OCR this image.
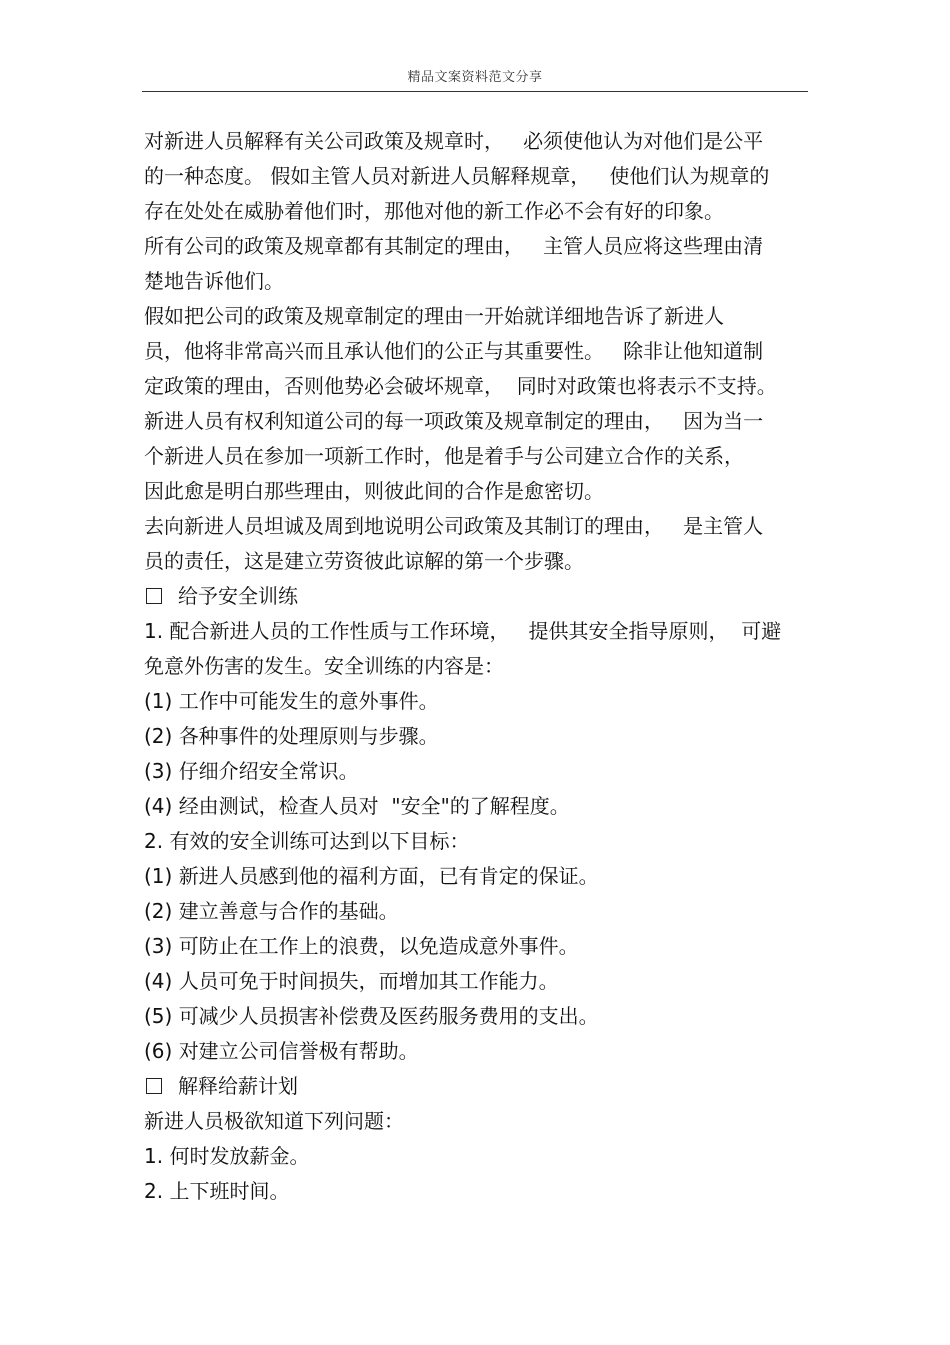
精品文案资料范文分享
对新进人员解释有关公司政策及规章时，   必须使他认为对他们是公平
的一种态度。 假如主管人员对新进人员解释规章，   使他们认为规章的
存在处处在威胁着他们时，那他对他的新工作必不会有好的印象。
所有公司的政策及规章都有其制定的理由，   主管人员应将这些理由清
楚地告诉他们。
假如把公司的政策及规章制定的理由一开始就详细地告诉了新进人
员，他将非常高兴而且承认他们的公正与其重要性。   除非让他知道制
定政策的理由，否则他势必会破坏规章，  同时对政策也将表示不支持。
新进人员有权利知道公司的每一项政策及规章制定的理由，   因为当一
个新进人员在参加一项新工作时，他是着手与公司建立合作的关系，
因此愈是明白那些理由，则彼此间的合作是愈密切。
去向新进人员坦诚及周到地说明公司政策及其制订的理由，   是主管人
员的责任，这是建立劳资彼此谅解的第一个步骤。
给予安全训练
1. 配合新进人员的工作性质与工作环境，   提供其安全指导原则，  可避
免意外伤害的发生。安全训练的内容是：
(1) 工作中可能发生的意外事件。
(2) 各种事件的处理原则与步骤。
(3) 仔细介绍安全常识。
(4) 经由测试，检查人员对  "安全"的了解程度。
2. 有效的安全训练可达到以下目标：
(1) 新进人员感到他的福利方面，已有肯定的保证。
(2) 建立善意与合作的基础。
(3) 可防止在工作上的浪费，以免造成意外事件。
(4) 人员可免于时间损失，而增加其工作能力。
(5) 可减少人员损害补偿费及医药服务费用的支出。
(6) 对建立公司信誉极有帮助。
解释给薪计划
新进人员极欲知道下列问题：
1. 何时发放薪金。
2. 上下班时间。
